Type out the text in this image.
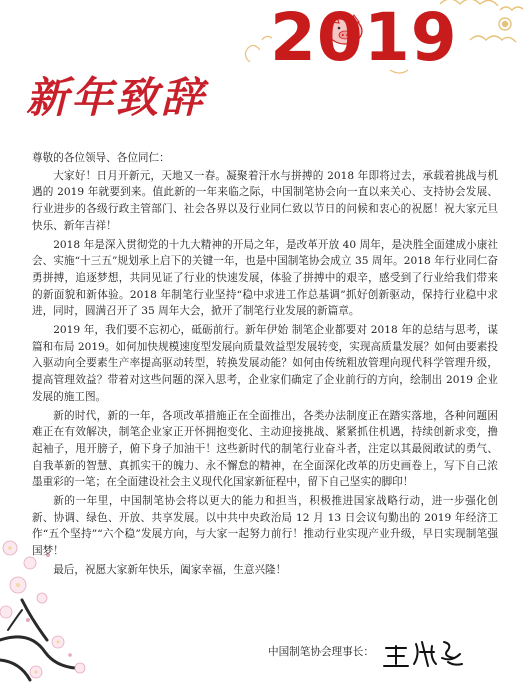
2019
新年致辞

尊敬的各位领导、各位同仁：

大家好！日月开新元，天地又一春。凝聚着汗水与拼搏的 2018 年即将过去，承载着挑战与机遇的 2019 年就要到来。值此新的一年来临之际，中国制笔协会向一直以来关心、支持协会发展、行业进步的各级行政主管部门、社会各界以及行业同仁致以节日的问候和衷心的祝愿！祝大家元旦快乐、新年吉祥！

2018 年是深入贯彻党的十九大精神的开局之年，是改革开放 40 周年，是决胜全面建成小康社会、实施“十三五”规划承上启下的关键一年，也是中国制笔协会成立 35 周年。2018 年行业同仁奋勇拼搏，追逐梦想，共同见证了行业的快速发展，体验了拼搏中的艰辛，感受到了行业给我们带来的新面貌和新体验。2018 年制笔行业坚持“稳中求进工作总基调”抓好创新驱动，保持行业稳中求进，同时，圆满召开了 35 周年大会，掀开了制笔行业发展的新篇章。

2019 年，我们要不忘初心，砥砺前行。新年伊始 制笔企业都要对 2018 年的总结与思考，谋篇和布局 2019。如何加快规模速度型发展向质量效益型发展转变，实现高质量发展？如何由要素投入驱动向全要素生产率提高驱动转型，转换发展动能？如何由传统粗放管理向现代科学管理升级，提高管理效益？带着对这些问题的深入思考，企业家们确定了企业前行的方向，绘制出 2019 企业发展的施工图。

新的时代，新的一年，各项改革措施正在全面推出，各类办法制度正在踏实落地，各种问题困难正在有效解决，制笔企业家正开怀拥抱变化、主动迎接挑战、紧紧抓住机遇，持续创新求变，撸起袖子，甩开膀子，俯下身子加油干！这些新时代的制笔行业奋斗者，注定以其最阅敢试的勇气、自我革新的智慧、真抓实干的魄力、永不懈怠的精神，在全面深化改革的历史画卷上，写下自己浓墨重彩的一笔；在全面建设社会主义现代化国家新征程中，留下自己坚实的脚印！

新的一年里，中国制笔协会将以更大的能力和担当，积极推进国家战略行动，进一步强化创新、协调、绿色、开放、共享发展。以中共中央政治局 12 月 13 日会议句勤出的 2019 年经济工作“五个坚持”“六个稳”发展方向，与大家一起努力前行！推动行业实现产业升级，早日实现制笔强国梦！

最后，祝愿大家新年快乐，阖家幸福，生意兴隆！

中国制笔协会理事长：
